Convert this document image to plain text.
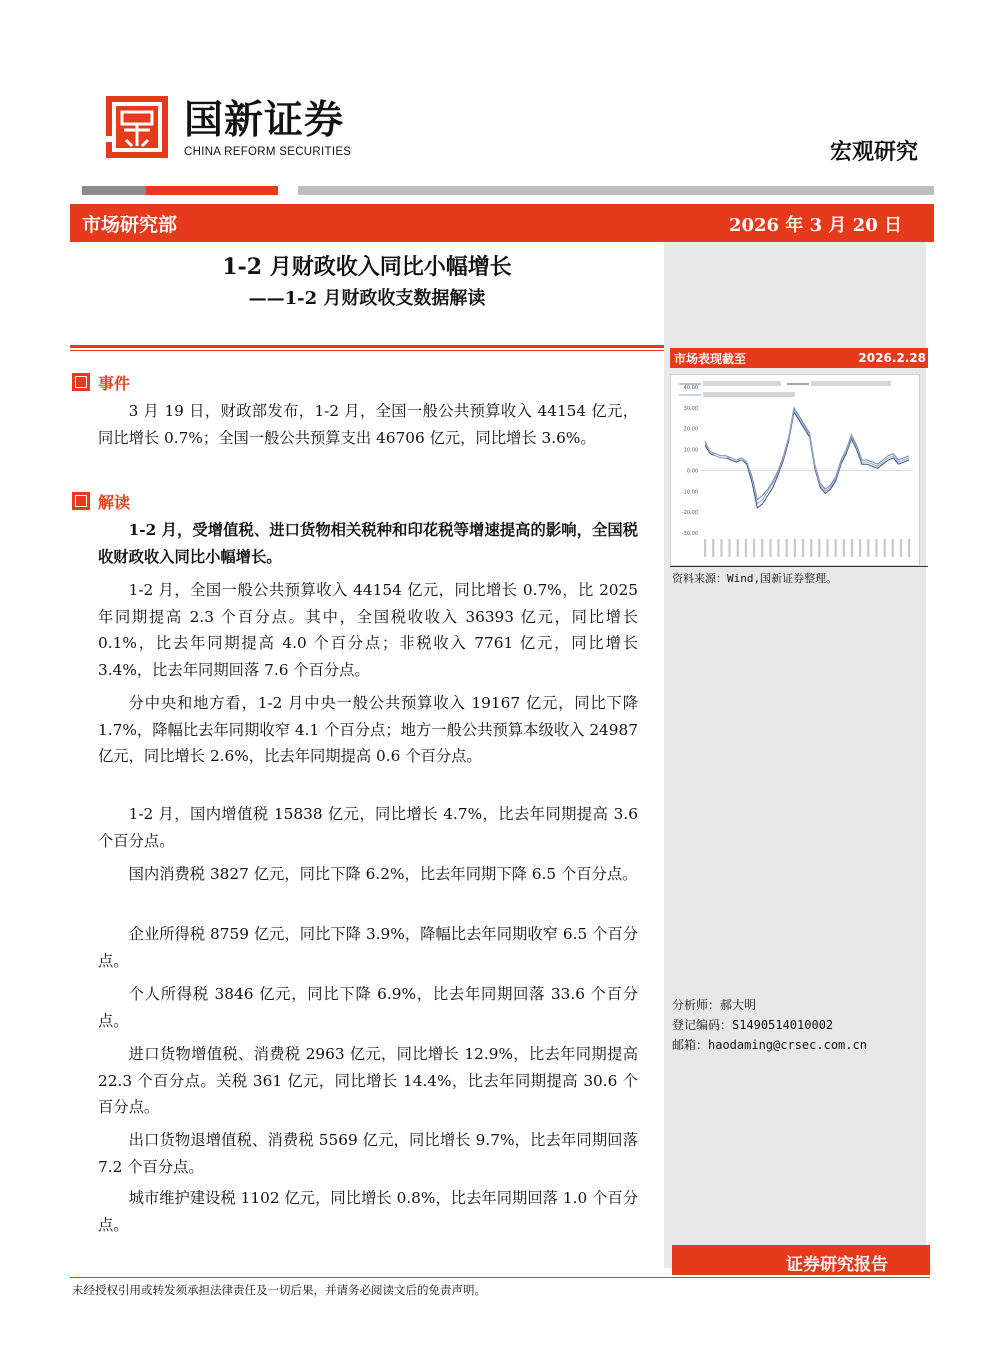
国新证券
CHINA REFORM SECURITIES	宏观研究
市场研究部	2026 年 3 月 20 日
1-2 月财政收入同比小幅增长
——1-2 月财政收支数据解读
事件
3 月 19 日，财政部发布，1-2 月，全国一般公共预算收入 44154 亿元，同比增长 0.7%；全国一般公共预算支出 46706 亿元，同比增长 3.6%。
解读
1-2 月，受增值税、进口货物相关税种和印花税等增速提高的影响，全国税收财政收入同比小幅增长。
1-2 月，全国一般公共预算收入 44154 亿元，同比增长 0.7%，比 2025 年同期提高 2.3 个百分点。其中，全国税收收入 36393 亿元，同比增长 0.1%，比去年同期提高 4.0 个百分点；非税收入 7761 亿元，同比增长 3.4%，比去年同期回落 7.6 个百分点。
分中央和地方看，1-2 月中央一般公共预算收入 19167 亿元，同比下降 1.7%，降幅比去年同期收窄 4.1 个百分点；地方一般公共预算本级收入 24987 亿元，同比增长 2.6%，比去年同期提高 0.6 个百分点。
1-2 月，国内增值税 15838 亿元，同比增长 4.7%，比去年同期提高 3.6 个百分点。
国内消费税 3827 亿元，同比下降 6.2%，比去年同期下降 6.5 个百分点。
企业所得税 8759 亿元，同比下降 3.9%，降幅比去年同期收窄 6.5 个百分点。
个人所得税 3846 亿元，同比下降 6.9%，比去年同期回落 33.6 个百分点。
进口货物增值税、消费税 2963 亿元，同比增长 12.9%，比去年同期提高 22.3 个百分点。关税 361 亿元，同比增长 14.4%，比去年同期提高 30.6 个百分点。
出口货物退增值税、消费税 5569 亿元，同比增长 9.7%，比去年同期回落 7.2 个百分点。
城市维护建设税 1102 亿元，同比增长 0.8%，比去年同期回落 1.0 个百分点。
市场表现截至	2026.2.28
40.00
30.00
20.00
10.00
0.00
-10.00
-20.00
-30.00
资料来源：Wind,国新证券整理。
分析师：郝大明
登记编码：S1490514010002
邮箱：haodaming@crsec.com.cn
证券研究报告
未经授权引用或转发须承担法律责任及一切后果，并请务必阅读文后的免责声明。
